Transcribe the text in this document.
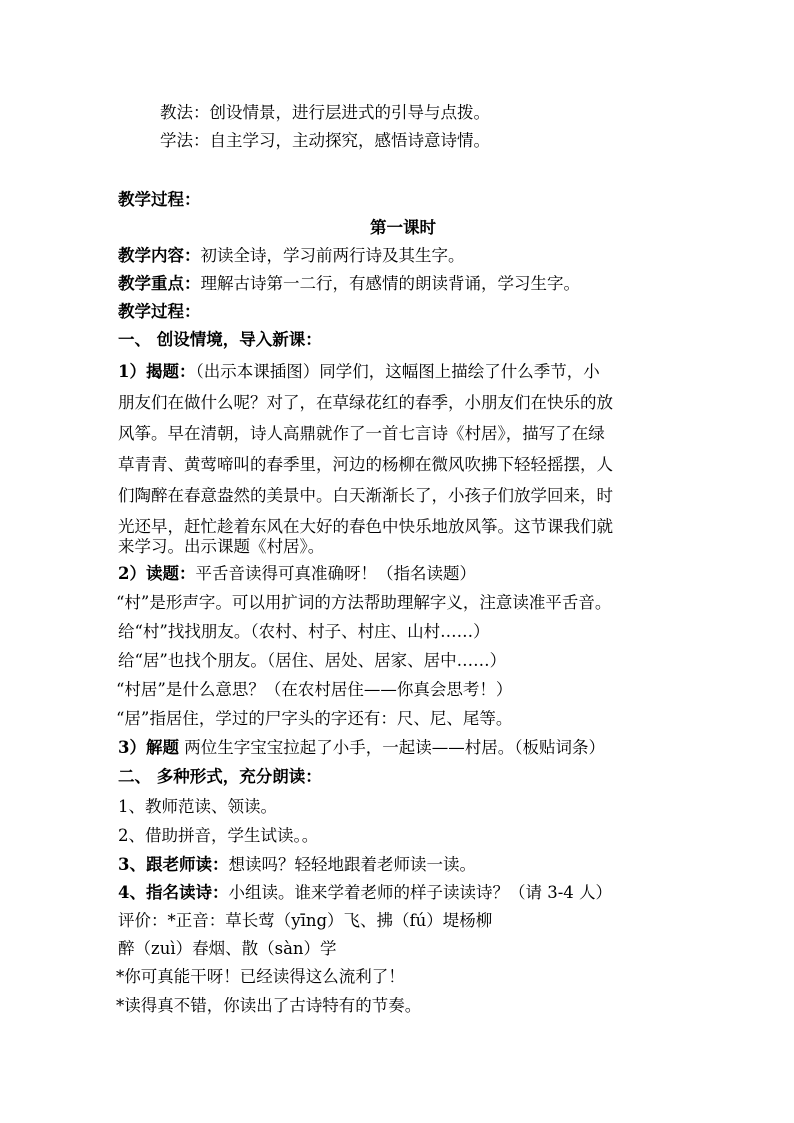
教法：创设情景，进行层进式的引导与点拨。
学法：自主学习，主动探究，感悟诗意诗情。
教学过程：
第一课时
教学内容：初读全诗，学习前两行诗及其生字。
教学重点：理解古诗第一二行，有感情的朗读背诵，学习生字。
教学过程：
一、 创设情境，导入新课：
1）揭题：（出示本课插图）同学们，这幅图上描绘了什么季节，小
朋友们在做什么呢？对了，在草绿花红的春季，小朋友们在快乐的放
风筝。早在清朝，诗人高鼎就作了一首七言诗《村居》，描写了在绿
草青青、黄莺啼叫的春季里，河边的杨柳在微风吹拂下轻轻摇摆，人
们陶醉在春意盎然的美景中。白天渐渐长了，小孩子们放学回来，时
光还早，赶忙趁着东风在大好的春色中快乐地放风筝。这节课我们就
来学习。出示课题《村居》。
2）读题：平舌音读得可真准确呀！（指名读题）
“村”是形声字。可以用扩词的方法帮助理解字义，注意读准平舌音。
给“村”找找朋友。（农村、村子、村庄、山村……）
给“居”也找个朋友。（居住、居处、居家、居中……）
“村居”是什么意思？（在农村居住——你真会思考！）
“居”指居住，学过的尸字头的字还有：尺、尼、尾等。
3）解题 两位生字宝宝拉起了小手，一起读——村居。（板贴词条）
二、 多种形式，充分朗读：
1、教师范读、领读。
2、借助拼音，学生试读。。
3、跟老师读：想读吗？轻轻地跟着老师读一读。
4、指名读诗：小组读。谁来学着老师的样子读读诗？（请 3-4 人）
评价：*正音：草长莺（yīng）飞、拂（fú）堤杨柳
醉（zuì）春烟、散（sàn）学
*你可真能干呀！已经读得这么流利了！
*读得真不错，你读出了古诗特有的节奏。
